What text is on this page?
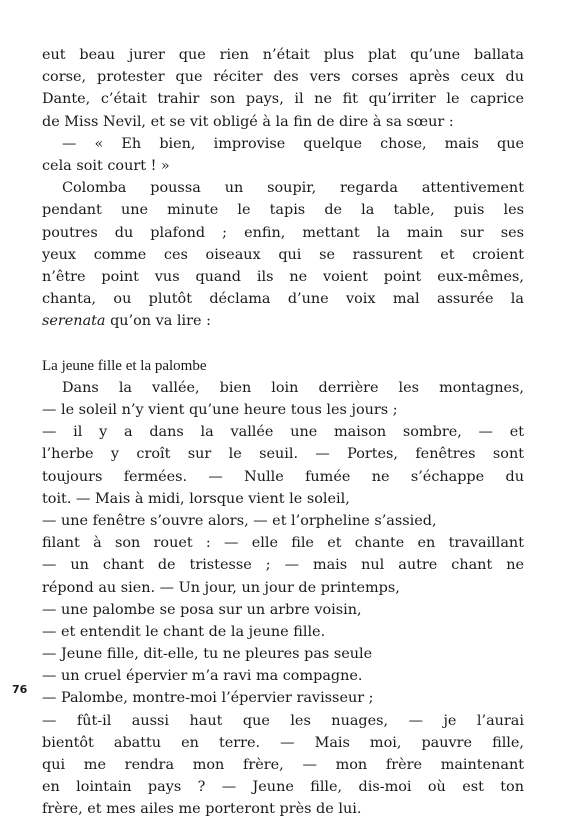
eut beau jurer que rien n’était plus plat qu’une ballata
corse, protester que réciter des vers corses après ceux du
Dante, c’était trahir son pays, il ne fit qu’irriter le caprice
de Miss Nevil, et se vit obligé à la fin de dire à sa sœur :
— « Eh bien, improvise quelque chose, mais que
cela soit court ! »
Colomba poussa un soupir, regarda attentivement
pendant une minute le tapis de la table, puis les
poutres du plafond ; enfin, mettant la main sur ses
yeux comme ces oiseaux qui se rassurent et croient
n’être point vus quand ils ne voient point eux-mêmes,
chanta, ou plutôt déclama d’une voix mal assurée la
serenata qu’on va lire :
La jeune fille et la palombe
Dans la vallée, bien loin derrière les montagnes,
— le soleil n’y vient qu’une heure tous les jours ;
— il y a dans la vallée une maison sombre, — et
l’herbe y croît sur le seuil. — Portes, fenêtres sont
toujours fermées. — Nulle fumée ne s’échappe du
toit. — Mais à midi, lorsque vient le soleil,
— une fenêtre s’ouvre alors, — et l’orpheline s’assied,
filant à son rouet : — elle file et chante en travaillant
— un chant de tristesse ; — mais nul autre chant ne
répond au sien. — Un jour, un jour de printemps,
— une palombe se posa sur un arbre voisin,
— et entendit le chant de la jeune fille.
— Jeune fille, dit-elle, tu ne pleures pas seule
— un cruel épervier m’a ravi ma compagne.
— Palombe, montre-moi l’épervier ravisseur ;
— fût-il aussi haut que les nuages, — je l’aurai
bientôt abattu en terre. — Mais moi, pauvre fille,
qui me rendra mon frère, — mon frère maintenant
en lointain pays ? — Jeune fille, dis-moi où est ton
frère, et mes ailes me porteront près de lui.
76
